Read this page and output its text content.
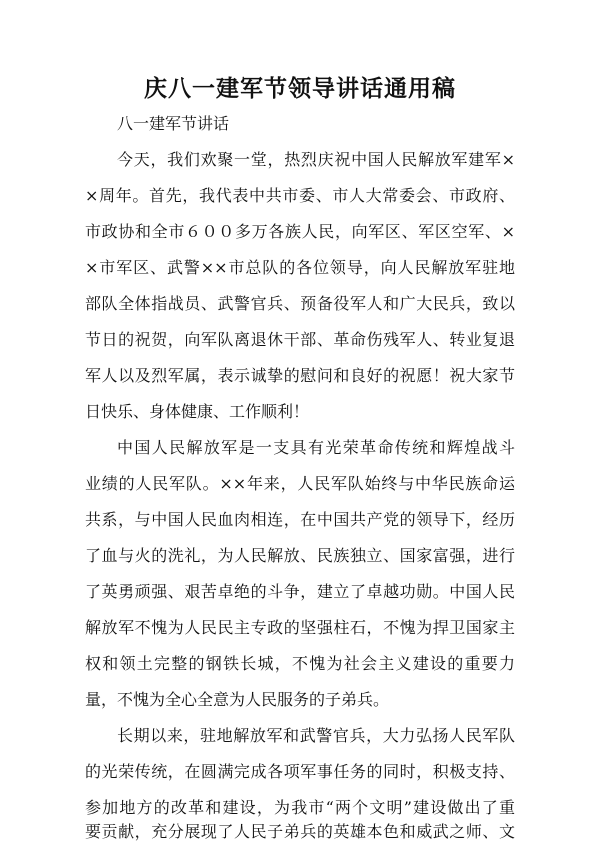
庆八一建军节领导讲话通用稿
八一建军节讲话
今天，我们欢聚一堂，热烈庆祝中国人民解放军建军×
×周年。首先，我代表中共市委、市人大常委会、市政府、
市政协和全市６００多万各族人民，向军区、军区空军、×
×市军区、武警××市总队的各位领导，向人民解放军驻地
部队全体指战员、武警官兵、预备役军人和广大民兵，致以
节日的祝贺，向军队离退休干部、革命伤残军人、转业复退
军人以及烈军属，表示诚挚的慰问和良好的祝愿！祝大家节
日快乐、身体健康、工作顺利！
中国人民解放军是一支具有光荣革命传统和辉煌战斗
业绩的人民军队。××年来，人民军队始终与中华民族命运
共系，与中国人民血肉相连，在中国共产党的领导下，经历
了血与火的洗礼，为人民解放、民族独立、国家富强，进行
了英勇顽强、艰苦卓绝的斗争，建立了卓越功勋。中国人民
解放军不愧为人民民主专政的坚强柱石，不愧为捍卫国家主
权和领土完整的钢铁长城，不愧为社会主义建设的重要力
量，不愧为全心全意为人民服务的子弟兵。
长期以来，驻地解放军和武警官兵，大力弘扬人民军队
的光荣传统，在圆满完成各项军事任务的同时，积极支持、
参加地方的改革和建设，为我市“两个文明”建设做出了重
要贡献，充分展现了人民子弟兵的英雄本色和威武之师、文
